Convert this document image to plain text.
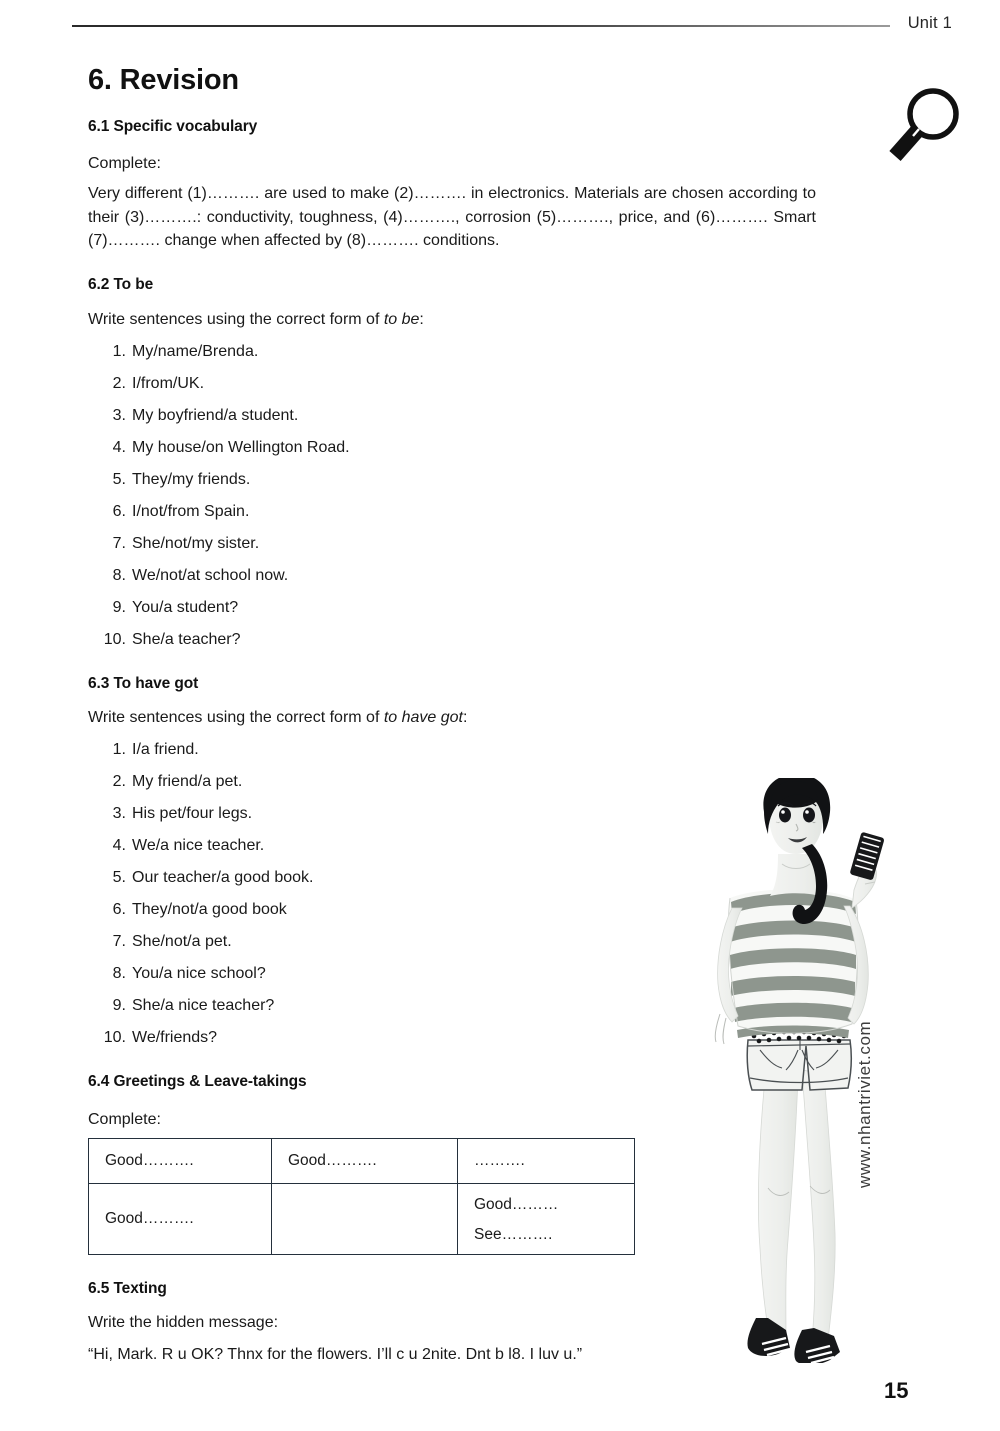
Unit 1
6. Revision
6.1 Specific vocabulary

Complete:

Very different (1)………. are used to make (2)………. in electronics. Materials are chosen according to their (3)……….: conductivity, toughness, (4)………., corrosion (5)………., price, and (6)………. Smart (7)………. change when affected by (8)………. conditions.

6.2 To be

Write sentences using the correct form of to be:

1. My/name/Brenda.
2. I/from/UK.
3. My boyfriend/a student.
4. My house/on Wellington Road.
5. They/my friends.
6. I/not/from Spain.
7. She/not/my sister.
8. We/not/at school now.
9. You/a student?
10. She/a teacher?
6.3 To have got

Write sentences using the correct form of to have got:

1. I/a friend.
2. My friend/a pet.
3. His pet/four legs.
4. We/a nice teacher.
5. Our teacher/a good book.
6. They/not/a good book
7. She/not/a pet.
8. You/a nice school?
9. She/a nice teacher?
10. We/friends?
6.4 Greetings & Leave-takings

Complete:

Good……….	Good……….	……….
Good……….		Good………
See……….
6.5 Texting

Write the hidden message:

“Hi, Mark. R u OK? Thnx for the flowers. I’ll c u 2nite. Dnt b l8. I luv u.”

www.nhantriviet.com
15
